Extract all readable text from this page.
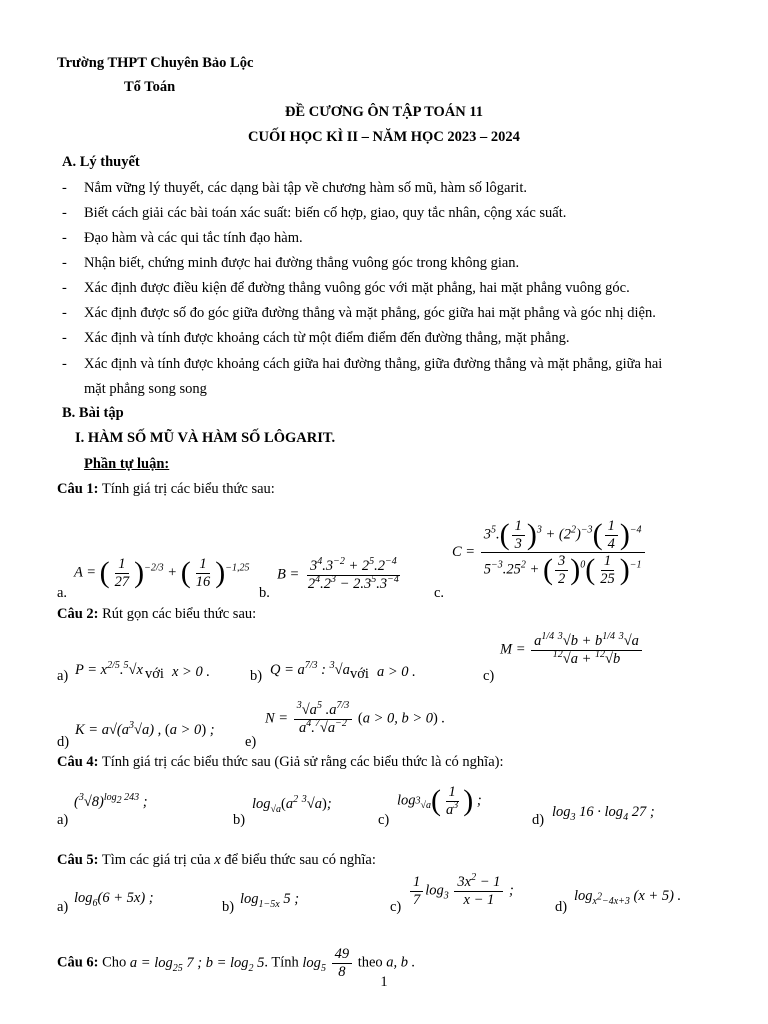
Trường THPT Chuyên Bảo Lộc
Tổ Toán
ĐỀ CƯƠNG ÔN TẬP TOÁN 11
CUỐI HỌC KÌ II – NĂM HỌC 2023 – 2024
A. Lý thuyết
- Nắm vững lý thuyết, các dạng bài tập về chương hàm số mũ, hàm số lôgarit.
- Biết cách giải các bài toán xác suất: biến cố hợp, giao, quy tắc nhân, cộng xác suất.
- Đạo hàm và các qui tắc tính đạo hàm.
- Nhận biết, chứng minh được hai đường thẳng vuông góc trong không gian.
- Xác định được điều kiện để đường thẳng vuông góc với mặt phẳng, hai mặt phẳng vuông góc.
- Xác định được số đo góc giữa đường thẳng và mặt phẳng, góc giữa hai mặt phẳng và góc nhị diện.
- Xác định và tính được khoảng cách từ một điểm điểm đến đường thẳng, mặt phẳng.
- Xác định và tính được khoảng cách giữa hai đường thẳng, giữa đường thẳng và mặt phẳng, giữa hai
mặt phẳng song song
B. Bài tập
I. HÀM SỐ MŨ VÀ HÀM SỐ LÔGARIT.
Phần tự luận:
Câu 1: Tính giá trị các biểu thức sau:
a.
A = ( $\frac{1}{27} )^{-2/3}$ + ( $\frac{1}{16} )^{-1,25}$
b.
$B = \frac{3^4.3^{-2} + 2^5.2^{-4}}{2^4.2^3 - 2.3^5.3^{-4}}$
c.
$C = \frac{3^5.( \frac{1}{3} )^3 + (2^2)^{-3}( \frac{1}{4} )^{-4}}{5^{-3}.25^2 + ( \frac{3}{2} )^0( \frac{1}{25} )^{-1}}$
Câu 2: Rút gọn các biểu thức sau:
a) $P = x^{2/5}.^5√x$ với x > 0 .	b) $Q = a^{7/3}$ : $^3$√a với a > 0 .	c)
$M = \frac{a^{1/4} ^3√b + b^{1/4} ^3√a}{^{12}√a + ^{12}√b}$
d)
$K = a√(a^3√a)$ , (a > 0) ;
e)
$N = \frac{^3√a^5 .a^{7/3}}{a^4.^7√a^{-2}} (a > 0$, b > 0) .
Câu 4: Tính giá trị các biểu thức sau (Giả sử rằng các biểu thức là có nghĩa):
a)
$(^3√8)^{log_2 243}$ ;
b)
$\log_{√a}(a^2$ $^3$√a);
c)
$\log_{^3√a}( \frac{1}{a^3}$ ) ;
d) $\log_3 16 \cdot \log_4 27$ ;
Câu 5: Tìm các giá trị của x để biểu thức sau có nghĩa:
a)
$\log_6(6 + 5x)$ ;
b) $\log_{1-5x} 5$ ;	$c) \frac{1}{7} \log_3 \frac{3x^2 - 1}{x - 1}$ ;
d)
$\log_{x^2-4x+3} (x + 5)$ .
Câu 6: Cho $a = \log_{25} 7$ ; $b = \log_2 5$. Tính $\log_5 \frac{49}{8}$ theo a, b .
1
